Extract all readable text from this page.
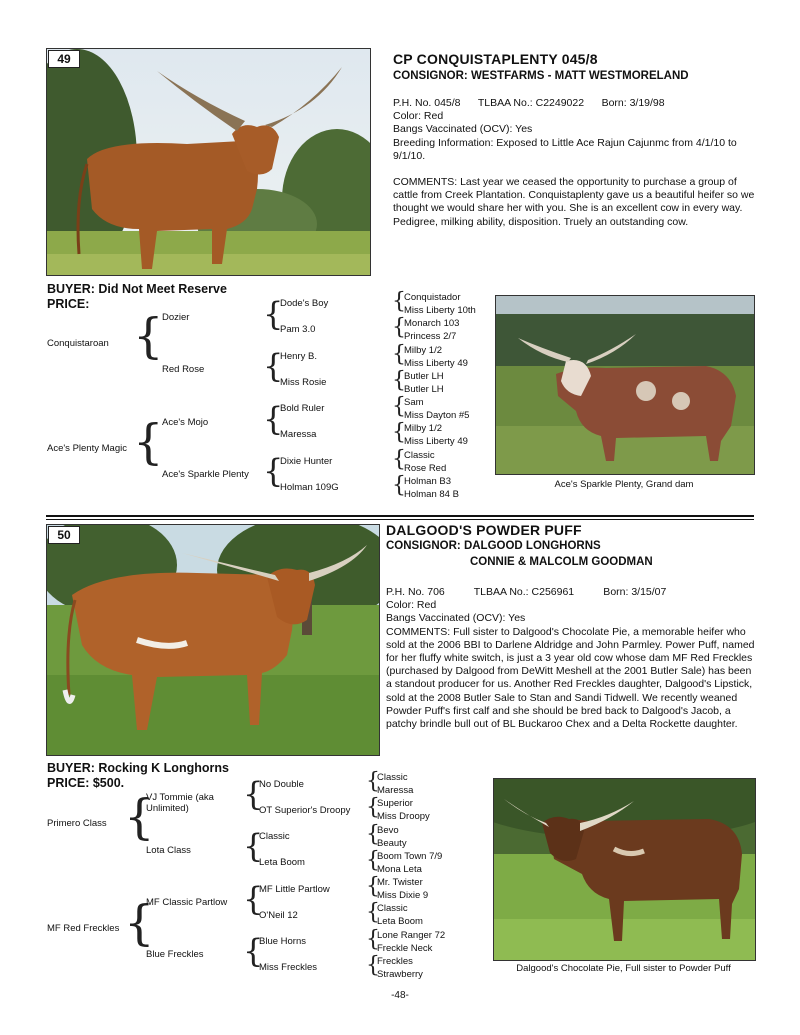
49	CP CONQUISTAPLENTY 045/8
CONSIGNOR: WESTFARMS - MATT WESTMORELAND
P.H. No. 045/8      TLBAA No.: C2249022      Born: 3/19/98
Color: Red
Bangs Vaccinated (OCV): Yes
Breeding Information: Exposed to Little Ace Rajun Cajunmc from 4/1/10 to 9/1/10.
COMMENTS: Last year we ceased the opportunity to purchase a group of cattle from Creek Plantation. Conquistaplenty gave us a beautiful heifer so we thought we would share her with you. She is an excellent cow in every way. Pedigree, milking ability, disposition. Truely an outstanding cow.
BUYER: Did Not Meet Reserve
PRICE:
Conquistaroan
Ace's Plenty Magic
{
{
Dozier
Red Rose
Ace's Mojo
Ace's Sparkle Plenty
{
{
{
{
Dode's Boy
Pam 3.0
Henry B.
Miss Rosie
Bold Ruler
Maressa
Dixie Hunter
Holman 109G
{
{
{
{
{
{
{
{
Conquistador
Miss Liberty 10th
Monarch 103
Princess 2/7
Milby 1/2
Miss Liberty 49
Butler LH
Butler LH
Sam
Miss Dayton #5
Milby 1/2
Miss Liberty 49
Classic
Rose Red
Holman B3
Holman 84 B
Ace's Sparkle Plenty, Grand dam
50	DALGOOD'S POWDER PUFF
CONSIGNOR: DALGOOD LONGHORNS
CONNIE & MALCOLM GOODMAN
P.H. No. 706          TLBAA No.: C256961          Born: 3/15/07
Color: Red
Bangs Vaccinated (OCV): Yes
COMMENTS: Full sister to Dalgood's Chocolate Pie, a memorable heifer who sold at the 2006 BBI to Darlene Aldridge and John Parmley. Power Puff, named for her fluffy white switch, is just a 3 year old cow whose dam MF Red Freckles (purchased by Dalgood from DeWitt Meshell at the 2001 Butler Sale) has been a standout producer for us. Another Red Freckles daughter, Dalgood's Lipstick, sold at the 2008 Butler Sale to Stan and Sandi Tidwell. We recently weaned Powder Puff's first calf and she should be bred back to Dalgood's Jacob, a patchy brindle bull out of BL Buckaroo Chex and a Delta Rockette daughter.
BUYER: Rocking K Longhorns
PRICE: $500.
Primero Class
MF Red Freckles
{
{
VJ Tommie (aka Unlimited)
Lota Class
MF Classic Partlow
Blue Freckles
{
{
{
{
No Double
OT Superior's Droopy
Classic
Leta Boom
MF Little Partlow
O'Neil 12
Blue Horns
Miss Freckles
{
{
{
{
{
{
{
{
Classic
Maressa
Superior
Miss Droopy
Bevo
Beauty
Boom Town 7/9
Mona Leta
Mr. Twister
Miss Dixie 9
Classic
Leta Boom
Lone Ranger 72
Freckle Neck
Freckles
Strawberry
Dalgood's Chocolate Pie, Full sister to Powder Puff
-48-
